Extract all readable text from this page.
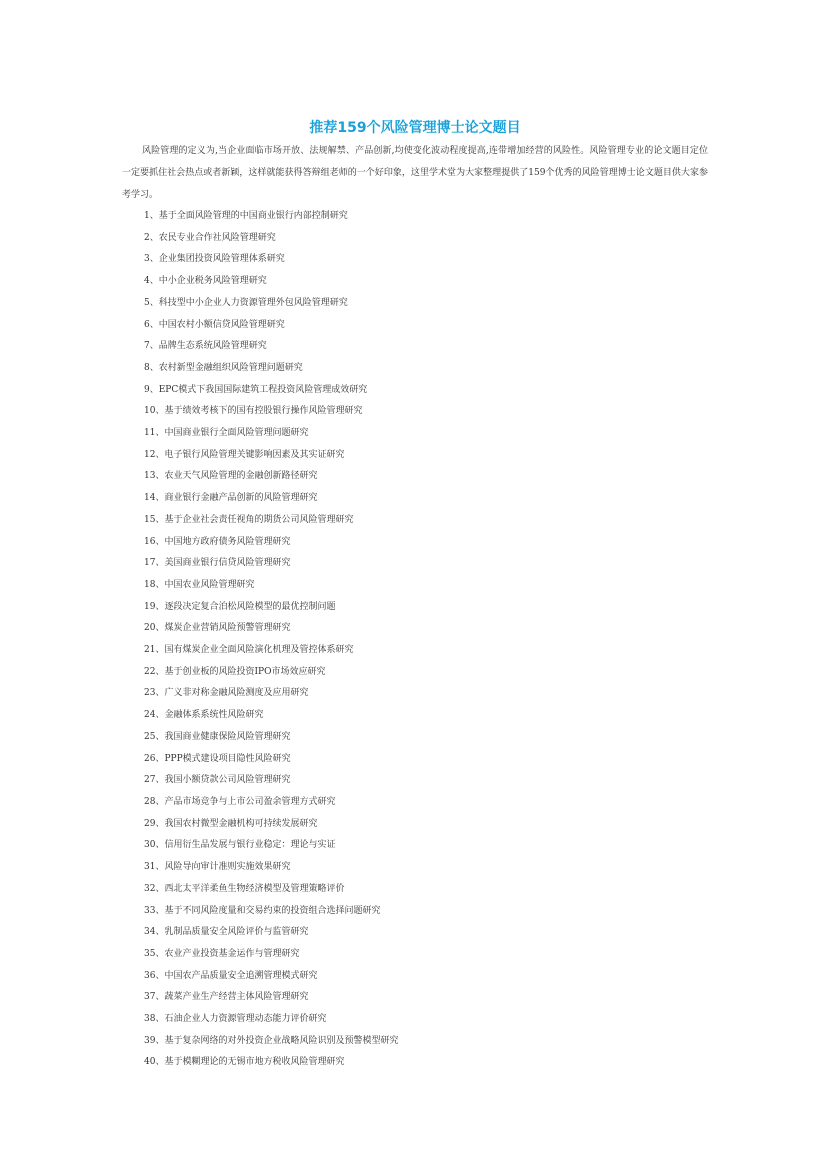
推荐159个风险管理博士论文题目

风险管理的定义为,当企业面临市场开放、法规解禁、产品创新,均使变化波动程度提高,连带增加经营的风险性。风险管理专业的论文题目定位一定要抓住社会热点或者新颖，这样就能获得答辩组老师的一个好印象，这里学术堂为大家整理提供了159个优秀的风险管理博士论文题目供大家参考学习。

1、基于全面风险管理的中国商业银行内部控制研究
2、农民专业合作社风险管理研究
3、企业集团投资风险管理体系研究
4、中小企业税务风险管理研究
5、科技型中小企业人力资源管理外包风险管理研究
6、中国农村小额信贷风险管理研究
7、品牌生态系统风险管理研究
8、农村新型金融组织风险管理问题研究
9、EPC模式下我国国际建筑工程投资风险管理成效研究
10、基于绩效考核下的国有控股银行操作风险管理研究
11、中国商业银行全面风险管理问题研究
12、电子银行风险管理关键影响因素及其实证研究
13、农业天气风险管理的金融创新路径研究
14、商业银行金融产品创新的风险管理研究
15、基于企业社会责任视角的期货公司风险管理研究
16、中国地方政府债务风险管理研究
17、美国商业银行信贷风险管理研究
18、中国农业风险管理研究
19、逐段决定复合泊松风险模型的最优控制问题
20、煤炭企业营销风险预警管理研究
21、国有煤炭企业全面风险演化机理及管控体系研究
22、基于创业板的风险投资IPO市场效应研究
23、广义非对称金融风险测度及应用研究
24、金融体系系统性风险研究
25、我国商业健康保险风险管理研究
26、PPP模式建设项目隐性风险研究
27、我国小额贷款公司风险管理研究
28、产品市场竞争与上市公司盈余管理方式研究
29、我国农村微型金融机构可持续发展研究
30、信用衍生品发展与银行业稳定：理论与实证
31、风险导向审计准则实施效果研究
32、西北太平洋柔鱼生物经济模型及管理策略评价
33、基于不同风险度量和交易约束的投资组合选择问题研究
34、乳制品质量安全风险评价与监管研究
35、农业产业投资基金运作与管理研究
36、中国农产品质量安全追溯管理模式研究
37、蔬菜产业生产经营主体风险管理研究
38、石油企业人力资源管理动态能力评价研究
39、基于复杂网络的对外投资企业战略风险识别及预警模型研究
40、基于模糊理论的无锡市地方税收风险管理研究
